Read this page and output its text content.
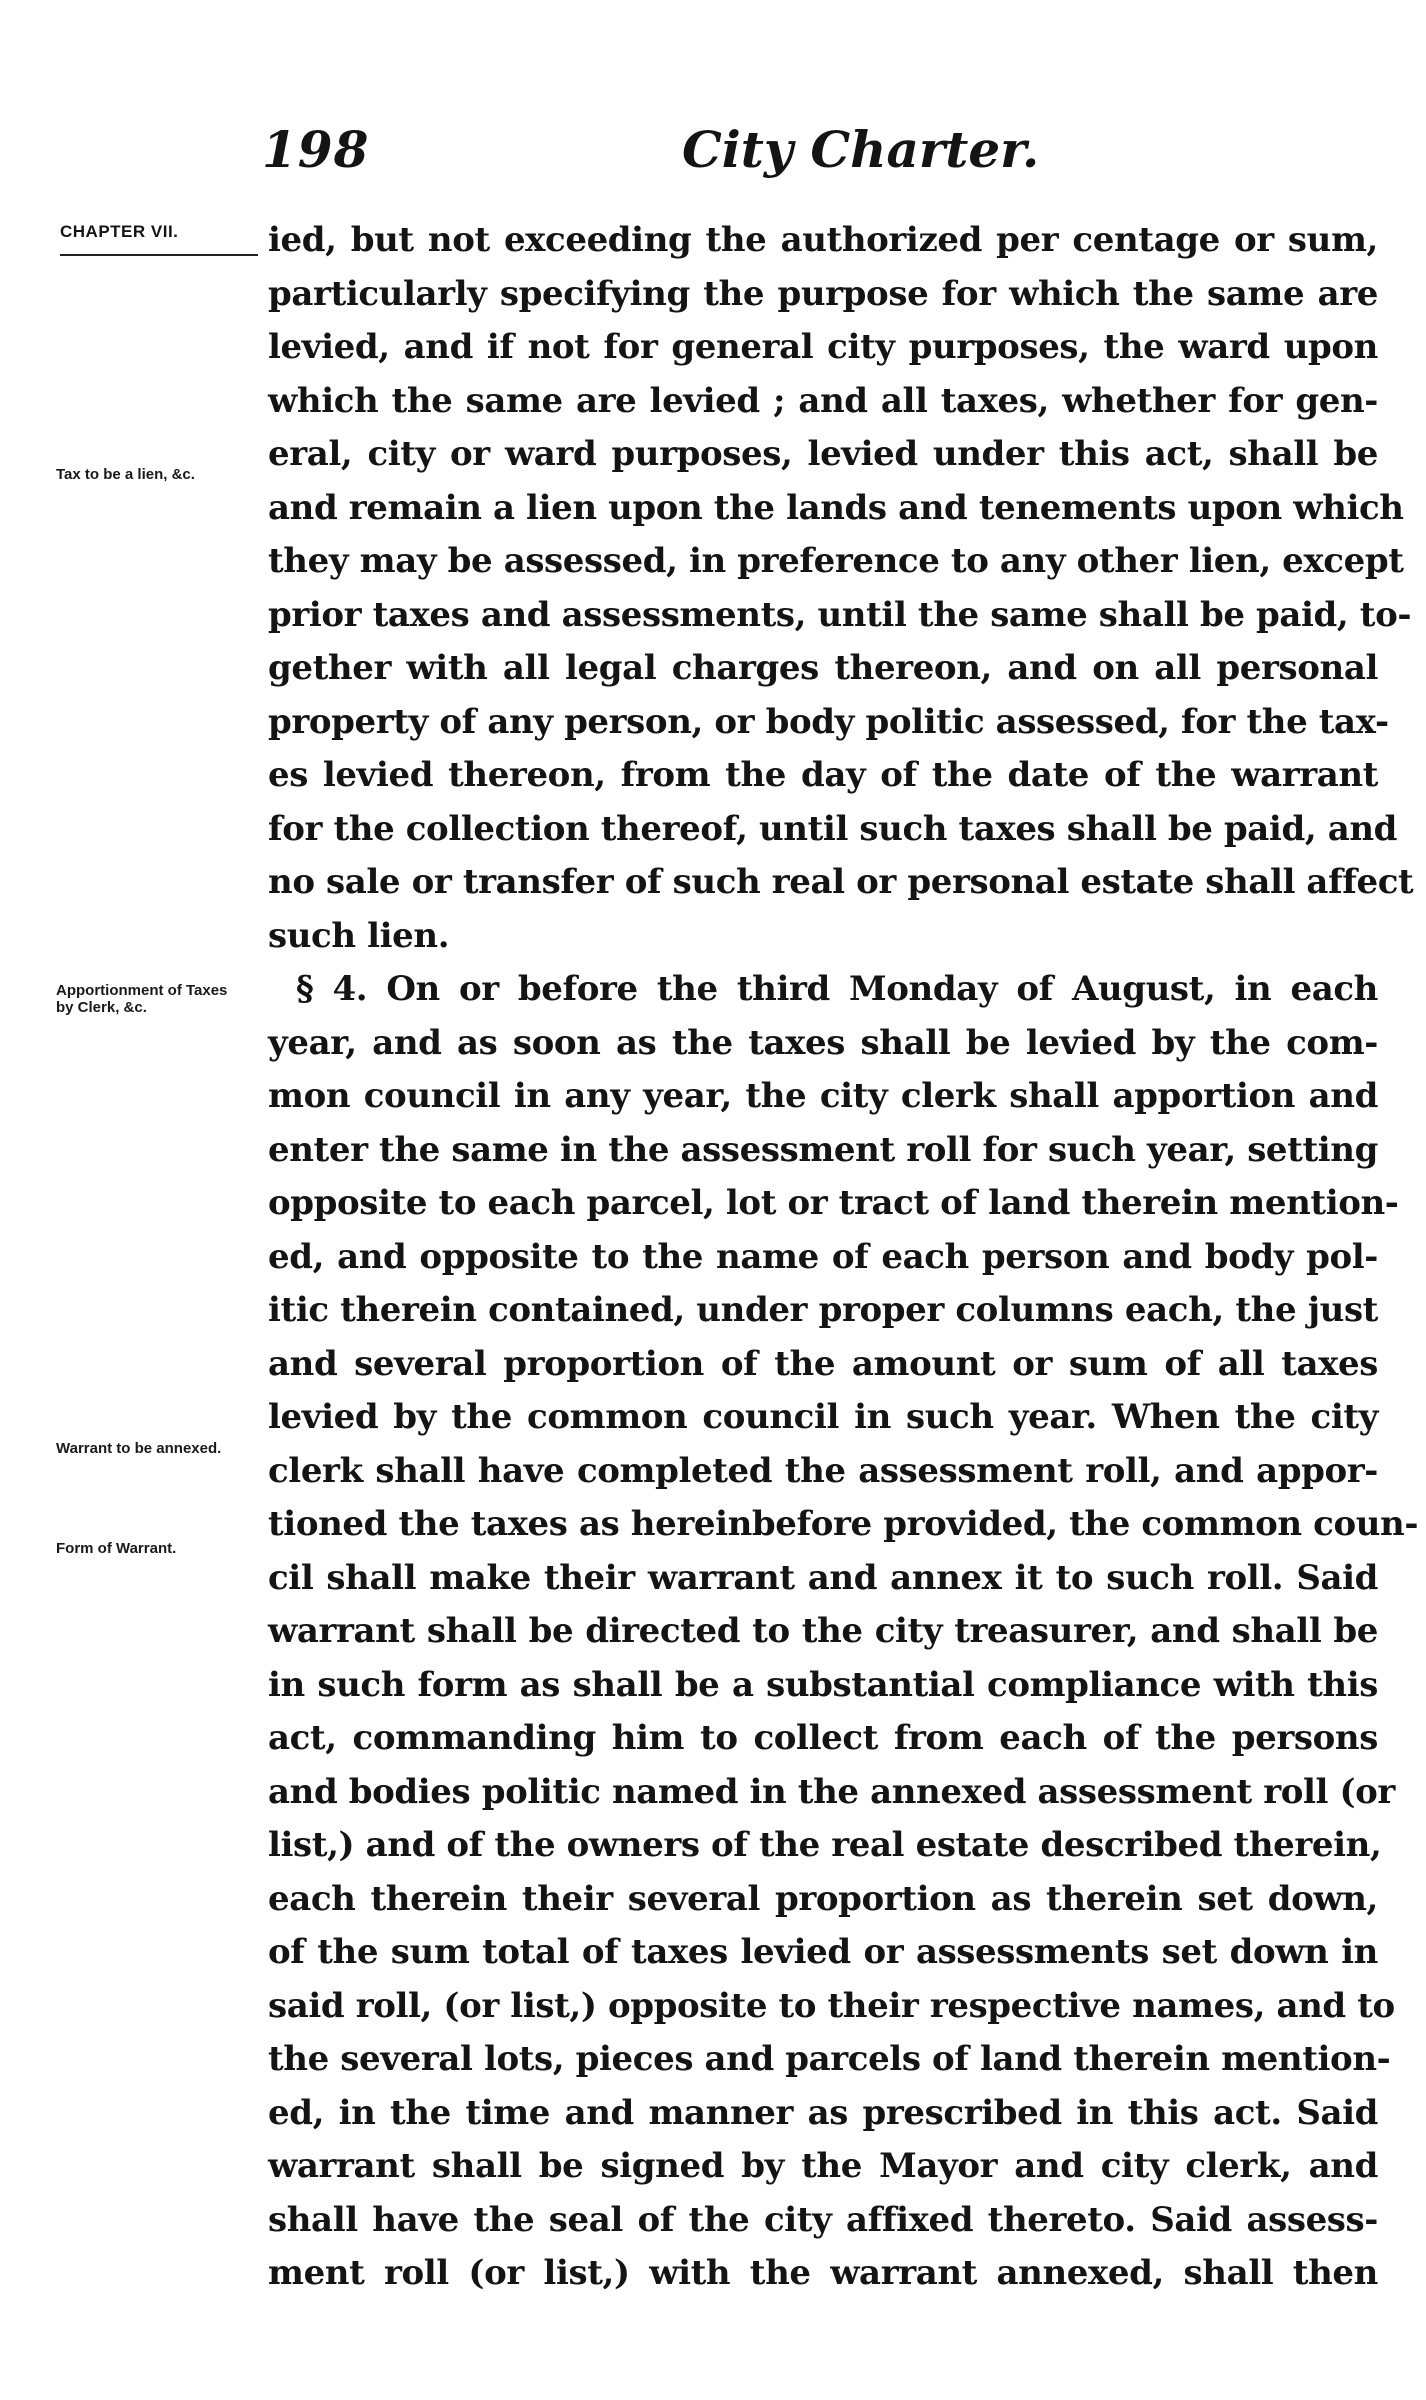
198	City Charter.
CHAPTER VII.
Tax to be a lien, &c.
Apportionment of Taxes by Clerk, &c.
Warrant to be annexed.
Form of Warrant.
ied, but not exceeding the authorized per centage or sum,
particularly specifying the purpose for which the same are
levied, and if not for general city purposes, the ward upon
which the same are levied ; and all taxes, whether for gen-
eral, city or ward purposes, levied under this act, shall be
and remain a lien upon the lands and tenements upon which
they may be assessed, in preference to any other lien, except
prior taxes and assessments, until the same shall be paid, to-
gether with all legal charges thereon, and on all personal
property of any person, or body politic assessed, for the tax-
es levied thereon, from the day of the date of the warrant
for the collection thereof, until such taxes shall be paid, and
no sale or transfer of such real or personal estate shall affect
such lien.
§ 4. On or before the third Monday of August, in each
year, and as soon as the taxes shall be levied by the com-
mon council in any year, the city clerk shall apportion and
enter the same in the assessment roll for such year, setting
opposite to each parcel, lot or tract of land therein mention-
ed, and opposite to the name of each person and body pol-
itic therein contained, under proper columns each, the just
and several proportion of the amount or sum of all taxes
levied by the common council in such year. When the city
clerk shall have completed the assessment roll, and appor-
tioned the taxes as hereinbefore provided, the common coun-
cil shall make their warrant and annex it to such roll. Said
warrant shall be directed to the city treasurer, and shall be
in such form as shall be a substantial compliance with this
act, commanding him to collect from each of the persons
and bodies politic named in the annexed assessment roll (or
list,) and of the owners of the real estate described therein,
each therein their several proportion as therein set down,
of the sum total of taxes levied or assessments set down in
said roll, (or list,) opposite to their respective names, and to
the several lots, pieces and parcels of land therein mention-
ed, in the time and manner as prescribed in this act. Said
warrant shall be signed by the Mayor and city clerk, and
shall have the seal of the city affixed thereto. Said assess-
ment roll (or list,) with the warrant annexed, shall then
